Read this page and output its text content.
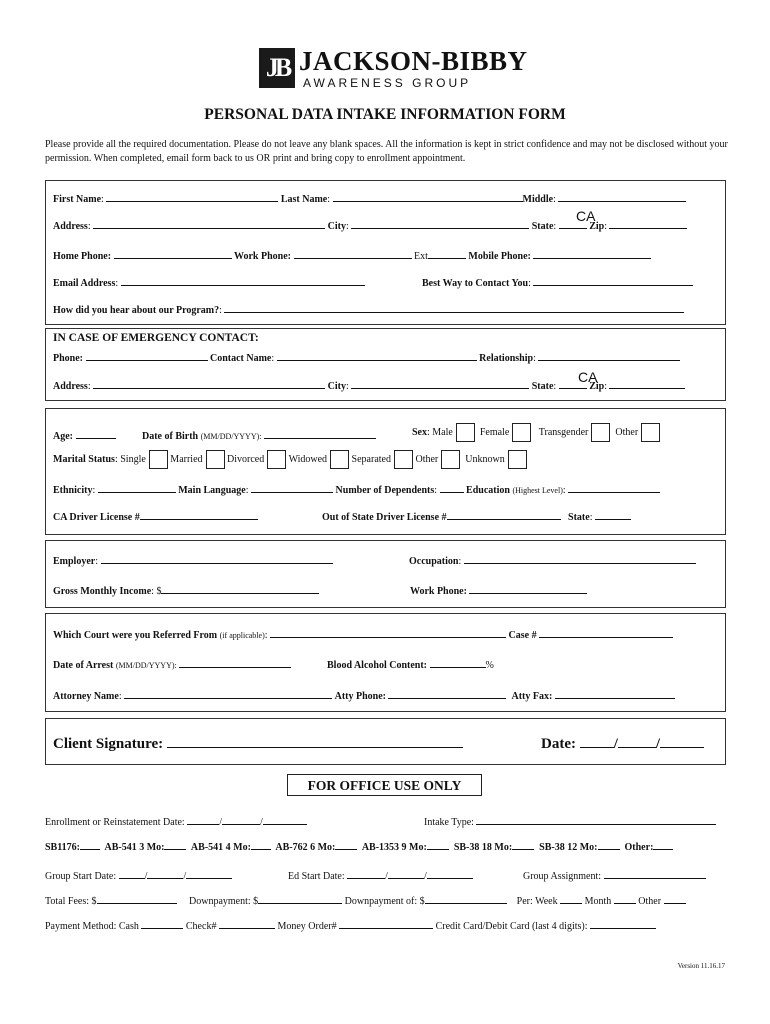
JB JACKSON-BIBBY
AWARENESS GROUP
PERSONAL DATA INTAKE INFORMATION FORM
Please provide all the required documentation. Please do not leave any blank spaces. All the information is kept in strict confidence and may not be disclosed without your permission. When completed, email form back to us OR print and bring copy to enrollment appointment.
First Name:	Last Name:	Middle:
Address:	City:	State:	Zip:
CA
Home Phone:	Work Phone:	Ext	Mobile Phone:
Email Address:	Best Way to Contact You:
How did you hear about our Program?:
IN CASE OF EMERGENCY CONTACT:
Phone:	Contact Name:	Relationship:
Address:	City:	State:	Zip:
CA
Age:	Date of Birth (MM/DD/YYYY):	Sex: Male	Female	Transgender	Other
Marital Status: Single Married Divorced Widowed Separated Other	Unknown
Ethnicity:	Main Language:	Number of Dependents:	Education (Highest Level):
CA Driver License #	Out of State Driver License #	State:
Employer:	Occupation:
Gross Monthly Income: $	Work Phone:
Which Court were you Referred From (if applicable):	Case #
Date of Arrest (MM/DD/YYYY):	Blood Alcohol Content:	%
Attorney Name:	Atty Phone:	Atty Fax:
Client Signature:	Date:	/	/
FOR OFFICE USE ONLY
Enrollment or Reinstatement Date:	/	/	Intake Type:
SB1176: AB-541 3 Mo:	AB-541 4 Mo: AB-762 6 Mo:	AB-1353 9 Mo:	SB-38 18 Mo:	SB-38 12 Mo:	Other:
Group Start Date:	/	/	Ed Start Date:	/	/	Group Assignment:
Total Fees: $	Downpayment: $	Downpayment of: $	Per: Week	Month	Other
Payment Method: Cash	Check#	Money Order#	Credit Card/Debit Card (last 4 digits):
Version 11.16.17
